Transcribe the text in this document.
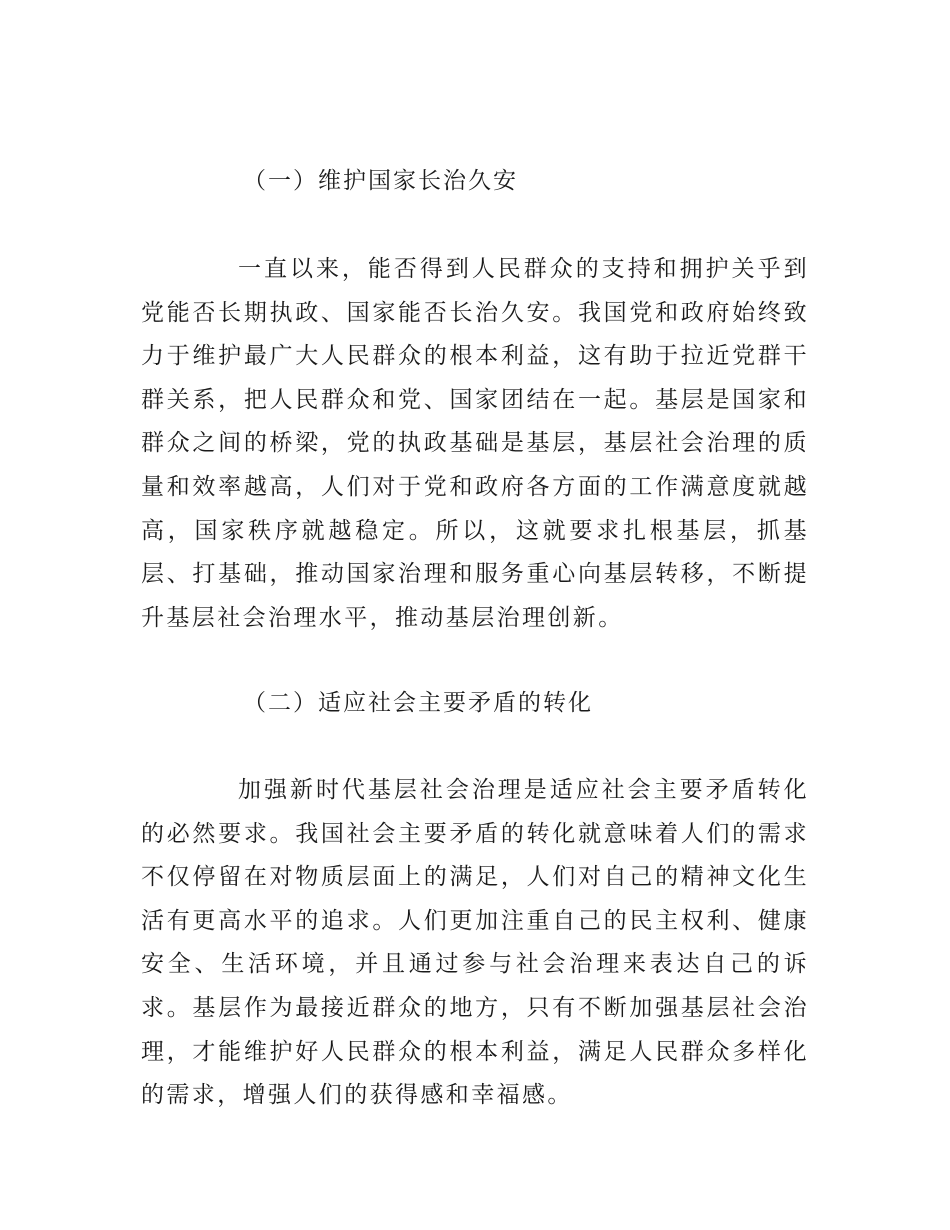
（一）维护国家长治久安

一直以来，能否得到人民群众的支持和拥护关乎到党能否长期执政、国家能否长治久安。我国党和政府始终致力于维护最广大人民群众的根本利益，这有助于拉近党群干群关系，把人民群众和党、国家团结在一起。基层是国家和群众之间的桥梁，党的执政基础是基层，基层社会治理的质量和效率越高，人们对于党和政府各方面的工作满意度就越高，国家秩序就越稳定。所以，这就要求扎根基层，抓基层、打基础，推动国家治理和服务重心向基层转移，不断提升基层社会治理水平，推动基层治理创新。

（二）适应社会主要矛盾的转化

加强新时代基层社会治理是适应社会主要矛盾转化的必然要求。我国社会主要矛盾的转化就意味着人们的需求不仅停留在对物质层面上的满足，人们对自己的精神文化生活有更高水平的追求。人们更加注重自己的民主权利、健康安全、生活环境，并且通过参与社会治理来表达自己的诉求。基层作为最接近群众的地方，只有不断加强基层社会治理，才能维护好人民群众的根本利益，满足人民群众多样化的需求，增强人们的获得感和幸福感。
